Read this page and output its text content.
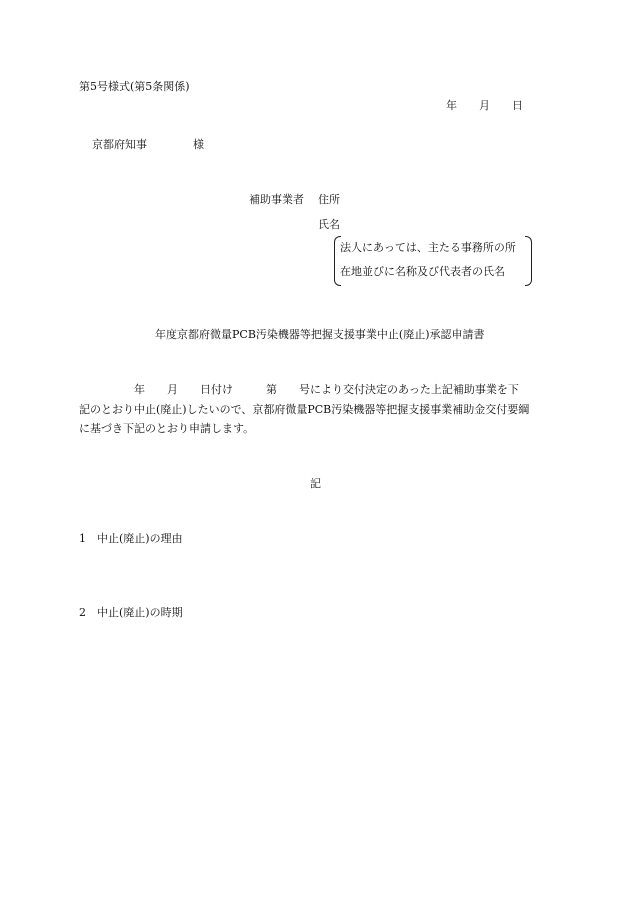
第5号様式(第5条関係)
年　　月　　日
京都府知事	様
補助事業者 住所
氏名
法人にあっては、主たる事務所の所
在地並びに名称及び代表者の氏名
年度京都府微量PCB汚染機器等把握支援事業中止(廃止)承認申請書
　　　　　年　　月　　日付け　　　第　　号により交付決定のあった上記補助事業を下
記のとおり中止(廃止)したいので、京都府微量PCB汚染機器等把握支援事業補助金交付要綱
に基づき下記のとおり申請します。
記
1　中止(廃止)の理由
2　中止(廃止)の時期
